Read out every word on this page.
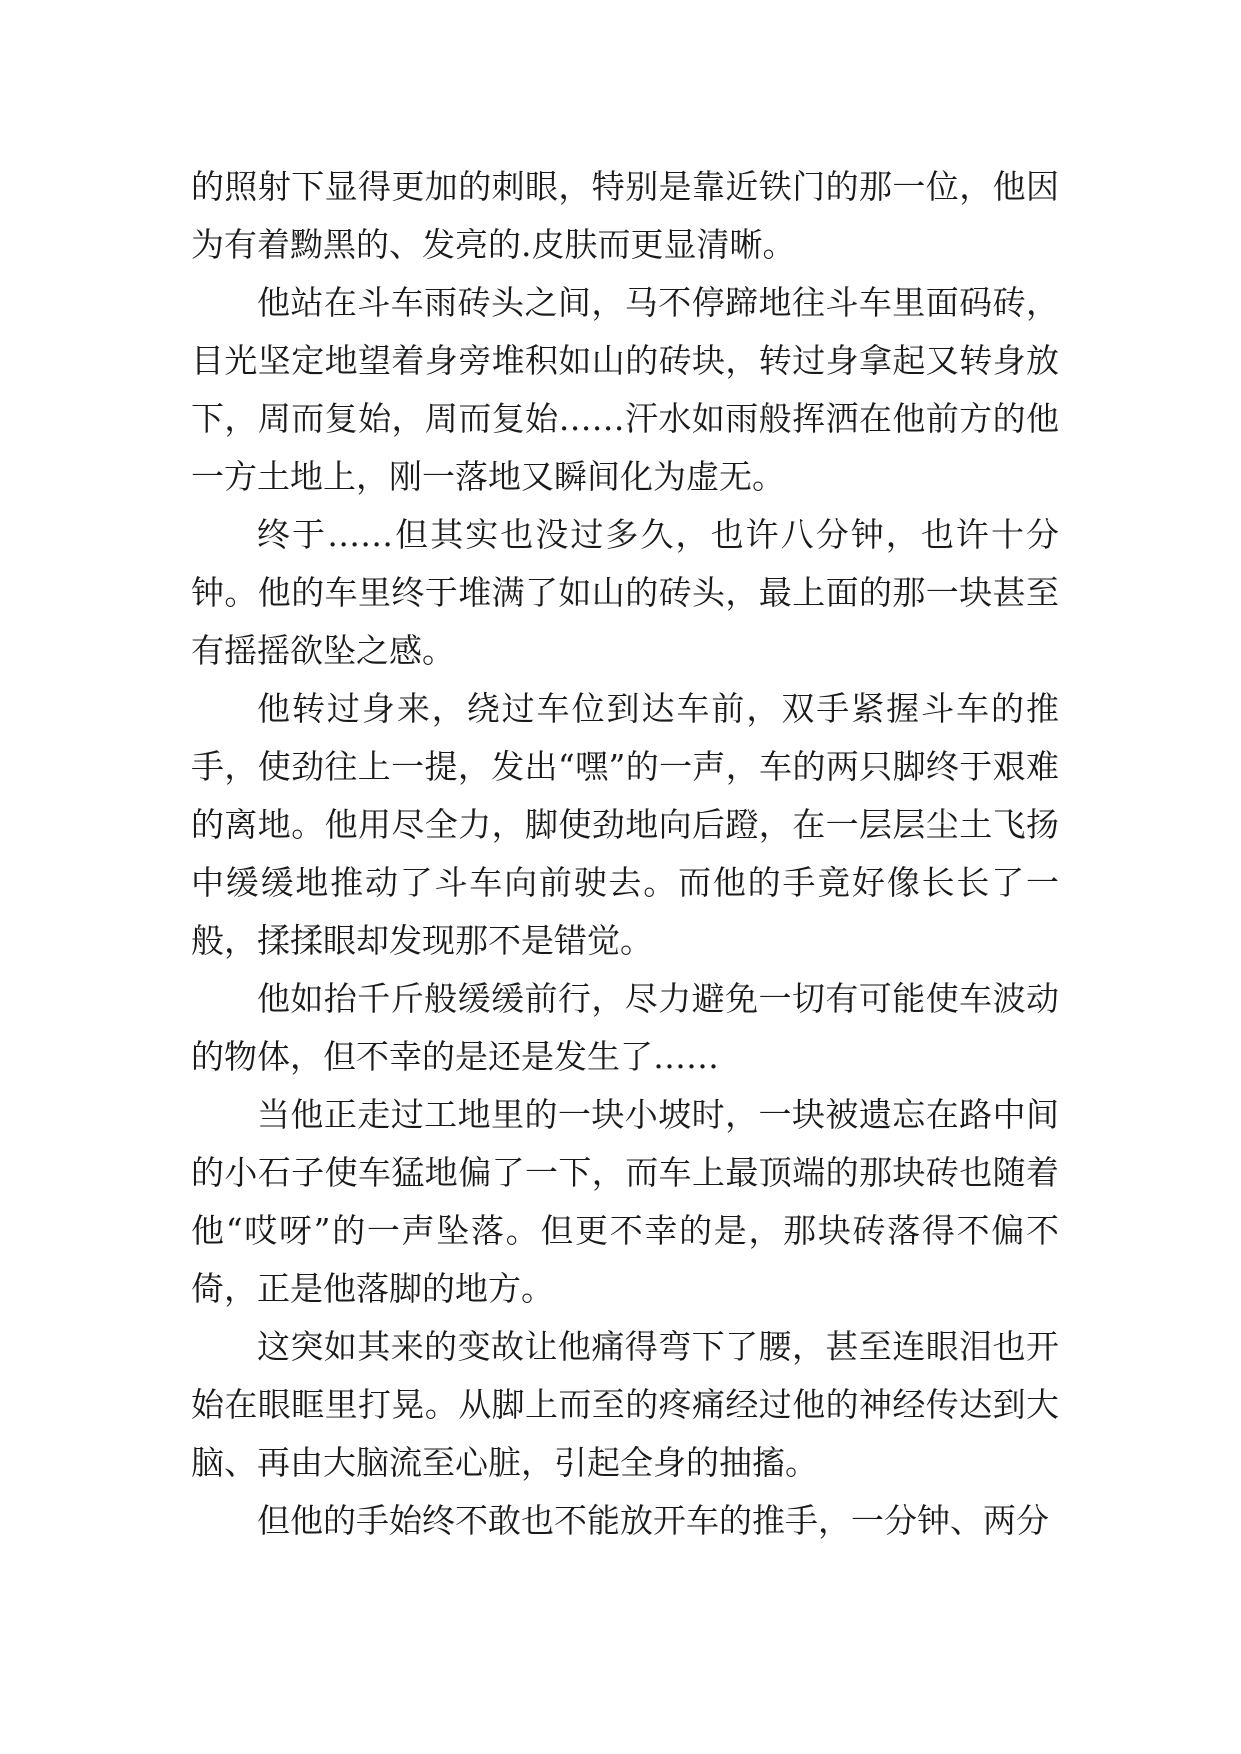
的照射下显得更加的刺眼，特别是靠近铁门的那一位，他因为有着黝黑的、发亮的.皮肤而更显清晰。

他站在斗车雨砖头之间，马不停蹄地往斗车里面码砖，目光坚定地望着身旁堆积如山的砖块，转过身拿起又转身放下，周而复始，周而复始……汗水如雨般挥洒在他前方的他一方土地上，刚一落地又瞬间化为虚无。

终于……但其实也没过多久，也许八分钟，也许十分钟。他的车里终于堆满了如山的砖头，最上面的那一块甚至有摇摇欲坠之感。

他转过身来，绕过车位到达车前，双手紧握斗车的推手，使劲往上一提，发出“嘿”的一声，车的两只脚终于艰难的离地。他用尽全力，脚使劲地向后蹬，在一层层尘土飞扬中缓缓地推动了斗车向前驶去。而他的手竟好像长长了一般，揉揉眼却发现那不是错觉。

他如抬千斤般缓缓前行，尽力避免一切有可能使车波动的物体，但不幸的是还是发生了……

当他正走过工地里的一块小坡时，一块被遗忘在路中间的小石子使车猛地偏了一下，而车上最顶端的那块砖也随着他“哎呀”的一声坠落。但更不幸的是，那块砖落得不偏不倚，正是他落脚的地方。

这突如其来的变故让他痛得弯下了腰，甚至连眼泪也开始在眼眶里打晃。从脚上而至的疼痛经过他的神经传达到大脑、再由大脑流至心脏，引起全身的抽搐。

但他的手始终不敢也不能放开车的推手，一分钟、两分
